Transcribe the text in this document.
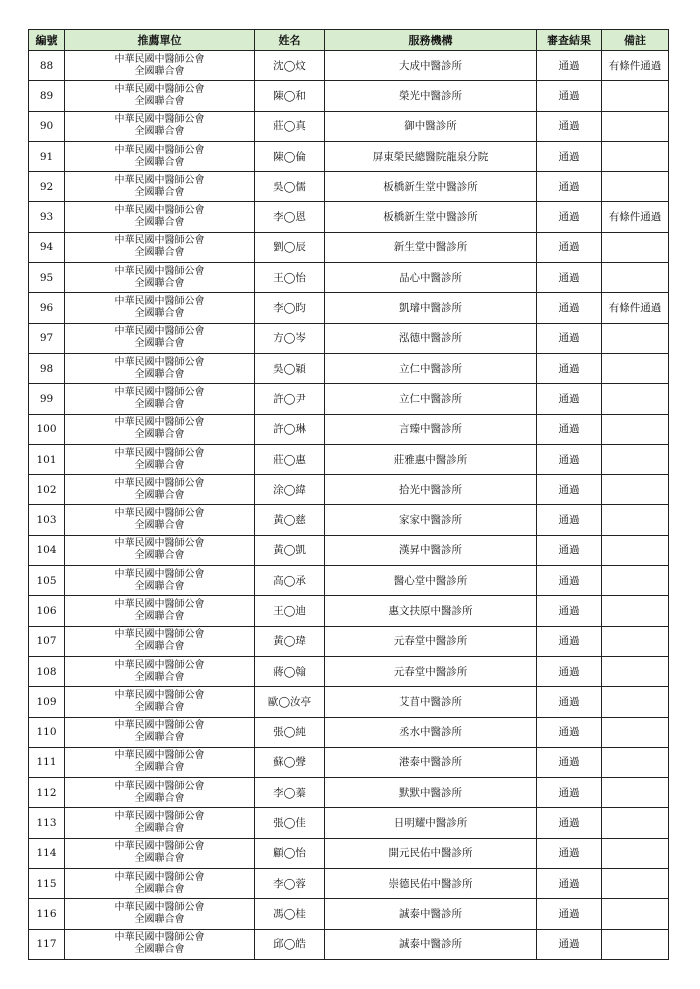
編號	推薦單位	姓名	服務機構	審查結果	備註
88	中華民國中醫師公會
全國聯合會	沈◯炆	大成中醫診所	通過	有條件通過
89	中華民國中醫師公會
全國聯合會	陳◯和	榮光中醫診所	通過	
90	中華民國中醫師公會
全國聯合會	莊◯真	御中醫診所	通過	
91	中華民國中醫師公會
全國聯合會	陳◯倫	屏東榮民總醫院龍泉分院	通過	
92	中華民國中醫師公會
全國聯合會	吳◯儒	板橋新生堂中醫診所	通過	
93	中華民國中醫師公會
全國聯合會	李◯恩	板橋新生堂中醫診所	通過	有條件通過
94	中華民國中醫師公會
全國聯合會	劉◯辰	新生堂中醫診所	通過	
95	中華民國中醫師公會
全國聯合會	王◯怡	品心中醫診所	通過	
96	中華民國中醫師公會
全國聯合會	李◯昀	凱璿中醫診所	通過	有條件通過
97	中華民國中醫師公會
全國聯合會	方◯岑	泓德中醫診所	通過	
98	中華民國中醫師公會
全國聯合會	吳◯穎	立仁中醫診所	通過	
99	中華民國中醫師公會
全國聯合會	許◯尹	立仁中醫診所	通過	
100	中華民國中醫師公會
全國聯合會	許◯琳	言臻中醫診所	通過	
101	中華民國中醫師公會
全國聯合會	莊◯惠	莊雅惠中醫診所	通過	
102	中華民國中醫師公會
全國聯合會	涂◯緯	拾光中醫診所	通過	
103	中華民國中醫師公會
全國聯合會	黃◯慈	家家中醫診所	通過	
104	中華民國中醫師公會
全國聯合會	黃◯凱	漢昇中醫診所	通過	
105	中華民國中醫師公會
全國聯合會	高◯承	醫心堂中醫診所	通過	
106	中華民國中醫師公會
全國聯合會	王◯迪	惠文扶原中醫診所	通過	
107	中華民國中醫師公會
全國聯合會	黃◯瑋	元春堂中醫診所	通過	
108	中華民國中醫師公會
全國聯合會	蔣◯翰	元春堂中醫診所	通過	
109	中華民國中醫師公會
全國聯合會	歐◯汝亭	艾苜中醫診所	通過	
110	中華民國中醫師公會
全國聯合會	張◯純	丞水中醫診所	通過	
111	中華民國中醫師公會
全國聯合會	蘇◯聲	港泰中醫診所	通過	
112	中華民國中醫師公會
全國聯合會	李◯蓁	默默中醫診所	通過	
113	中華民國中醫師公會
全國聯合會	張◯佳	日明耀中醫診所	通過	
114	中華民國中醫師公會
全國聯合會	顧◯怡	開元民佑中醫診所	通過	
115	中華民國中醫師公會
全國聯合會	李◯蓉	崇德民佑中醫診所	通過	
116	中華民國中醫師公會
全國聯合會	馮◯桂	誠泰中醫診所	通過	
117	中華民國中醫師公會
全國聯合會	邱◯皓	誠泰中醫診所	通過	
